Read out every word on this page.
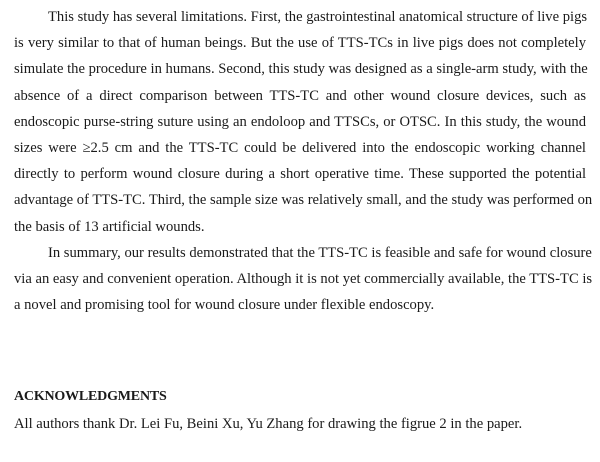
This study has several limitations. First, the gastrointestinal anatomical structure of live pigs
is very similar to that of human beings. But the use of TTS-TCs in live pigs does not completely
simulate the procedure in humans. Second, this study was designed as a single-arm study, with the
absence of a direct comparison between TTS-TC and other wound closure devices, such as
endoscopic purse-string suture using an endoloop and TTSCs, or OTSC. In this study, the wound
sizes were ≥2.5 cm and the TTS-TC could be delivered into the endoscopic working channel
directly to perform wound closure during a short operative time. These supported the potential
advantage of TTS-TC. Third, the sample size was relatively small, and the study was performed on
the basis of 13 artificial wounds.

In summary, our results demonstrated that the TTS-TC is feasible and safe for wound closure
via an easy and convenient operation. Although it is not yet commercially available, the TTS-TC is
a novel and promising tool for wound closure under flexible endoscopy.

ACKNOWLEDGMENTS

All authors thank Dr. Lei Fu, Beini Xu, Yu Zhang for drawing the figrue 2 in the paper.
